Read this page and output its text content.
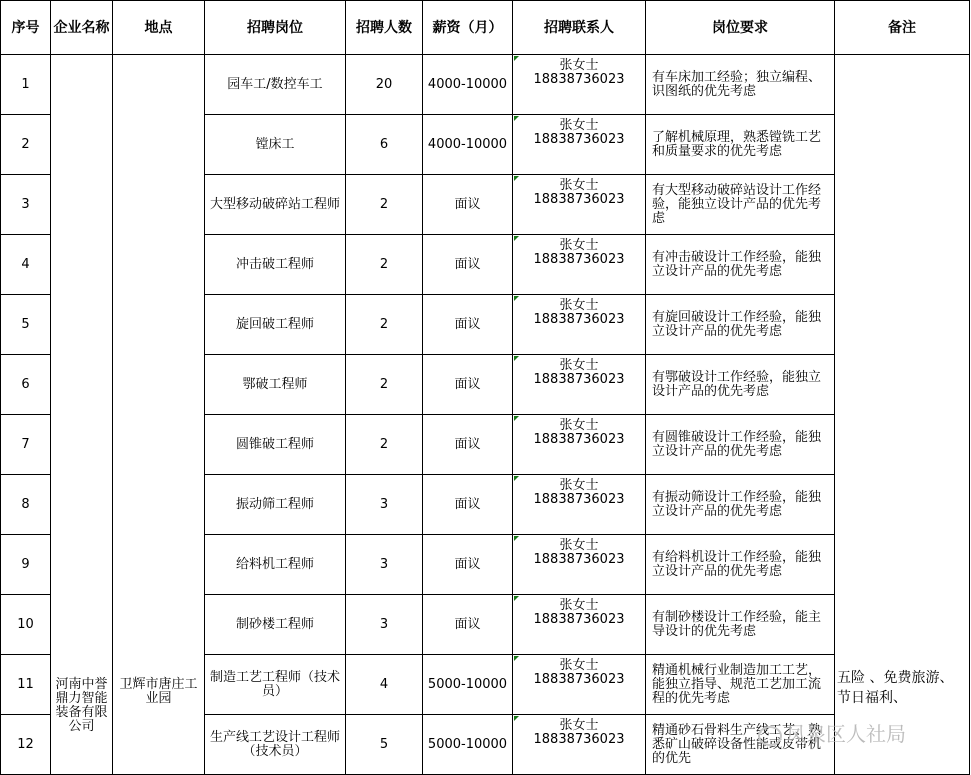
序号	企业名称	地点	招聘岗位	招聘人数	薪资（月）	招聘联系人	岗位要求	备注
1	河南中誉鼎力智能装备有限公司	卫辉市唐庄工业园	园车工/数控车工	20	4000-10000	张女士
18838736023	有车床加工经验；独立编程、识图纸的优先考虑	五险 、免费旅游、节日福利、
2			镗床工	6	4000-10000	张女士
18838736023	了解机械原理，熟悉镗铣工艺和质量要求的优先考虑	
3			大型移动破碎站工程师	2	面议	张女士
18838736023	有大型移动破碎站设计工作经验，能独立设计产品的优先考虑	
4			冲击破工程师	2	面议	张女士
18838736023	有冲击破设计工作经验，能独立设计产品的优先考虑	
5			旋回破工程师	2	面议	张女士
18838736023	有旋回破设计工作经验，能独立设计产品的优先考虑	
6			鄂破工程师	2	面议	张女士
18838736023	有鄂破设计工作经验，能独立设计产品的优先考虑	
7			圆锥破工程师	2	面议	张女士
18838736023	有圆锥破设计工作经验，能独立设计产品的优先考虑	
8			振动筛工程师	3	面议	张女士
18838736023	有振动筛设计工作经验，能独立设计产品的优先考虑	
9			给料机工程师	3	面议	张女士
18838736023	有给料机设计工作经验，能独立设计产品的优先考虑	
10			制砂楼工程师	3	面议	张女士
18838736023	有制砂楼设计工作经验，能主导设计的优先考虑	
11			制造工艺工程师（技术员）	4	5000-10000	张女士
18838736023	精通机械行业制造加工工艺，能独立指导、规范工艺加工流程的优先考虑	
12			生产线工艺设计工程师（技术员）	5	5000-10000	张女士
18838736023	精通砂石骨料生产线工艺、熟悉矿山破碎设备性能或皮带机的优先	
凤泉区人社局
